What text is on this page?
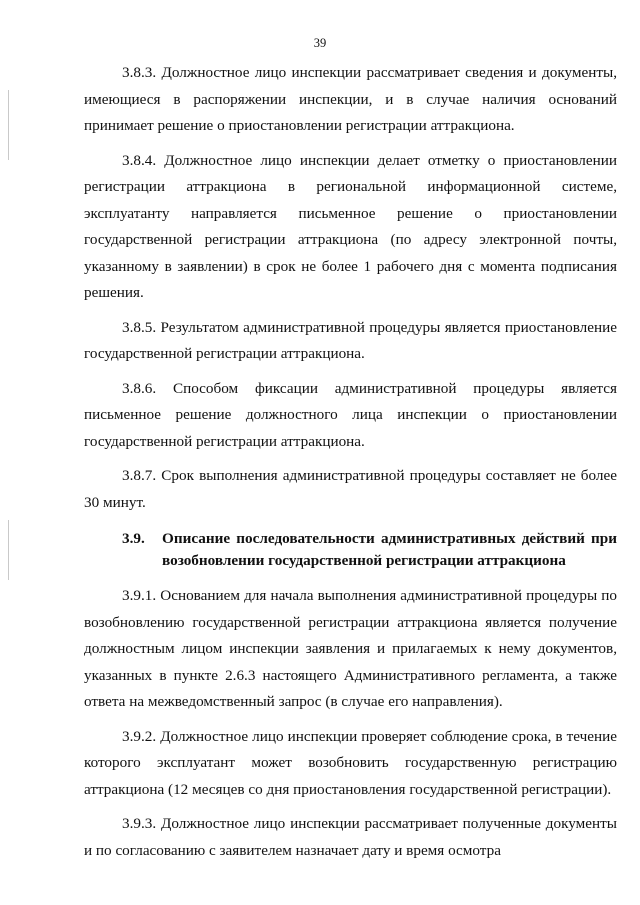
39

3.8.3. Должностное лицо инспекции рассматривает сведения и документы, имеющиеся в распоряжении инспекции, и в случае наличия оснований принимает решение о приостановлении регистрации аттракциона.

3.8.4. Должностное лицо инспекции делает отметку о приостановлении регистрации аттракциона в региональной информационной системе, эксплуатанту направляется письменное решение о приостановлении государственной регистрации аттракциона (по адресу электронной почты, указанному в заявлении) в срок не более 1 рабочего дня с момента подписания решения.

3.8.5. Результатом административной процедуры является приостановление государственной регистрации аттракциона.

3.8.6. Способом фиксации административной процедуры является письменное решение должностного лица инспекции о приостановлении государственной регистрации аттракциона.

3.8.7. Срок выполнения административной процедуры составляет не более 30 минут.

3.9.	Описание последовательности административных действий при возобновлении государственной регистрации аттракциона

3.9.1. Основанием для начала выполнения административной процедуры по возобновлению государственной регистрации аттракциона является получение должностным лицом инспекции заявления и прилагаемых к нему документов, указанных в пункте 2.6.3 настоящего Административного регламента, а также ответа на межведомственный запрос (в случае его направления).

3.9.2. Должностное лицо инспекции проверяет соблюдение срока, в течение которого эксплуатант может возобновить государственную регистрацию аттракциона (12 месяцев со дня приостановления государственной регистрации).

3.9.3. Должностное лицо инспекции рассматривает полученные документы и по согласованию с заявителем назначает дату и время осмотра
